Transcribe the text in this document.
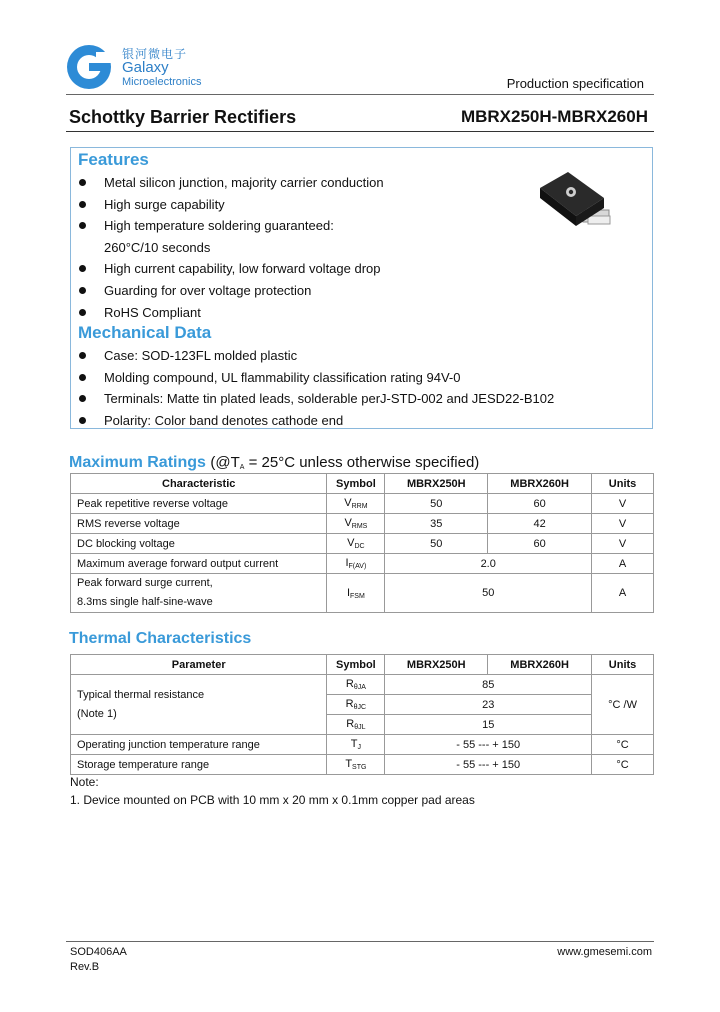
银河微电子
Galaxy
Microelectronics	Production specification
Schottky Barrier Rectifiers	MBRX250H-MBRX260H
Features
Metal silicon junction, majority carrier conduction
High surge capability
High temperature soldering guaranteed:
260°C/10 seconds
High current capability, low forward voltage drop
Guarding for over voltage protection
RoHS Compliant
Mechanical Data
Case: SOD-123FL molded plastic
Molding compound, UL flammability classification rating 94V-0
Terminals: Matte tin plated leads, solderable perJ-STD-002 and JESD22-B102
Polarity: Color band denotes cathode end
Maximum Ratings ($@T_A = 25^\circ C$ unless otherwise specified)
Characteristic	Symbol	MBRX250H	MBRX260H	Units
Peak repetitive reverse voltage	$V_{RRM}$	50	60	V
RMS reverse voltage	$V_{RMS}$	35	42	V
DC blocking voltage	$V_{DC}$	50	60	V
Maximum average forward output current	$I_{F(AV)}$	2.0		A
Peak forward surge current,
8.3ms single half-sine-wave	$I_{FSM}$	50		A
Thermal Characteristics
Parameter	Symbol	MBRX250H	MBRX260H	Units
Typical thermal resistance
(Note 1)	$R_{\theta JA}$	85		°C /W
	$R_{\theta JC}$	23		
	$R_{\theta JL}$	15		
Operating junction temperature range	$T_J$	- 55 --- + 150		°C
Storage temperature range	$T_{STG}$	- 55 --- + 150		°C
Note:
1. Device mounted on PCB with 10 mm x 20 mm x 0.1mm copper pad areas
SOD406AA
Rev.B
www.gmesemi.com
